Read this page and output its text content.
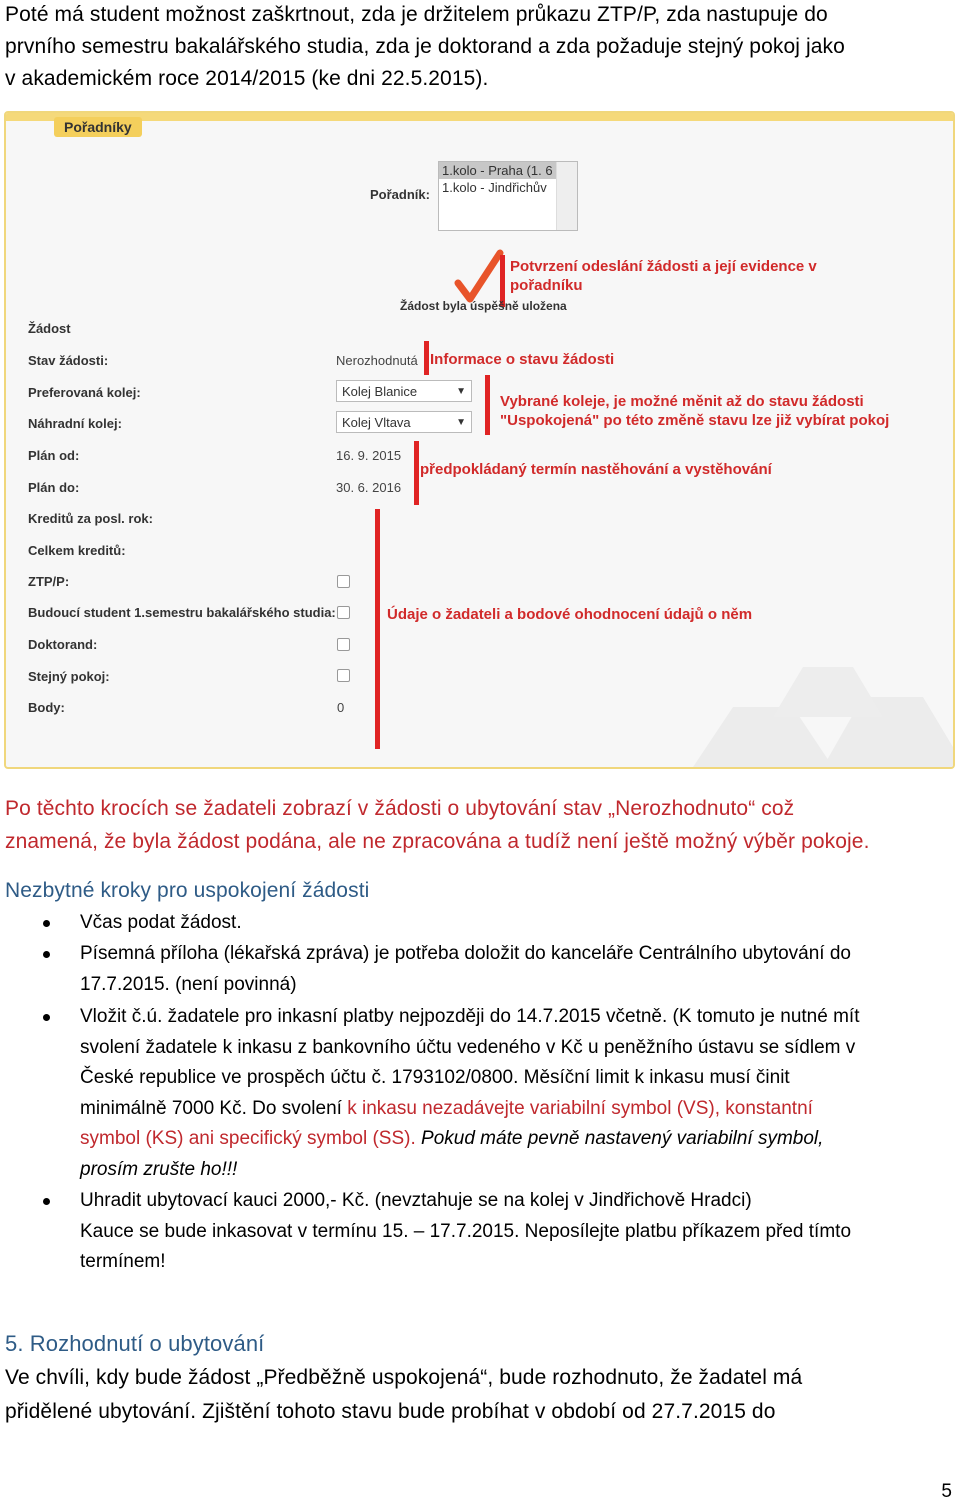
Poté má student možnost zaškrtnout, zda je držitelem průkazu ZTP/P, zda nastupuje do
prvního semestru bakalářského studia, zda je doktorand a zda požaduje stejný pokoj jako
v akademickém roce 2014/2015 (ke dni 22.5.2015).
Pořadníky
Pořadník:
1.kolo - Praha (1. 6
1.kolo - Jindřichův
Potvrzení odeslání žádosti a její evidence v
pořadníku
Žádost byla úspěšně uložena
Žádost
Stav žádosti:
Preferovaná kolej:
Náhradní kolej:
Plán od:
Plán do:
Kreditů za posl. rok:
Celkem kreditů:
ZTP/P:
Budoucí student 1.semestru bakalářského studia:
Doktorand:
Stejný pokoj:
Body:
Nerozhodnutá
Kolej Blanice	▼
Kolej Vltava	▼
16. 9. 2015
30. 6. 2016
0
Informace o stavu žádosti
Vybrané koleje, je možné měnit až do stavu žádosti
"Uspokojená" po této změně stavu lze již vybírat pokoj
předpokládaný termín nastěhování a vystěhování
Údaje o žadateli a bodové ohodnocení údajů o něm
Po těchto krocích se žadateli zobrazí v žádosti o ubytování stav „Nerozhodnuto“ což
znamená, že byla žádost podána, ale ne zpracována a tudíž není ještě možný výběr pokoje.
Nezbytné kroky pro uspokojení žádosti
Včas podat žádost.
Písemná příloha (lékařská zpráva) je potřeba doložit do kanceláře Centrálního ubytování do
17.7.2015. (není povinná)
Vložit č.ú. žadatele pro inkasní platby nejpozději do 14.7.2015 včetně. (K tomuto je nutné mít
svolení žadatele k inkasu z bankovního účtu vedeného v Kč u peněžního ústavu se sídlem v
České republice ve prospěch účtu č. 1793102/0800. Měsíční limit k inkasu musí činit
minimálně 7000 Kč. Do svolení k inkasu nezadávejte variabilní symbol (VS), konstantní
symbol (KS) ani specifický symbol (SS). Pokud máte pevně nastavený variabilní symbol,
prosím zrušte ho!!!
Uhradit ubytovací kauci 2000,- Kč. (nevztahuje se na kolej v Jindřichově Hradci)
Kauce se bude inkasovat v termínu 15. – 17.7.2015. Neposílejte platbu příkazem před tímto
termínem!
5. Rozhodnutí o ubytování
Ve chvíli, kdy bude žádost „Předběžně uspokojená“, bude rozhodnuto, že žadatel má
přidělené ubytování. Zjištění tohoto stavu bude probíhat v období od 27.7.2015 do
5
